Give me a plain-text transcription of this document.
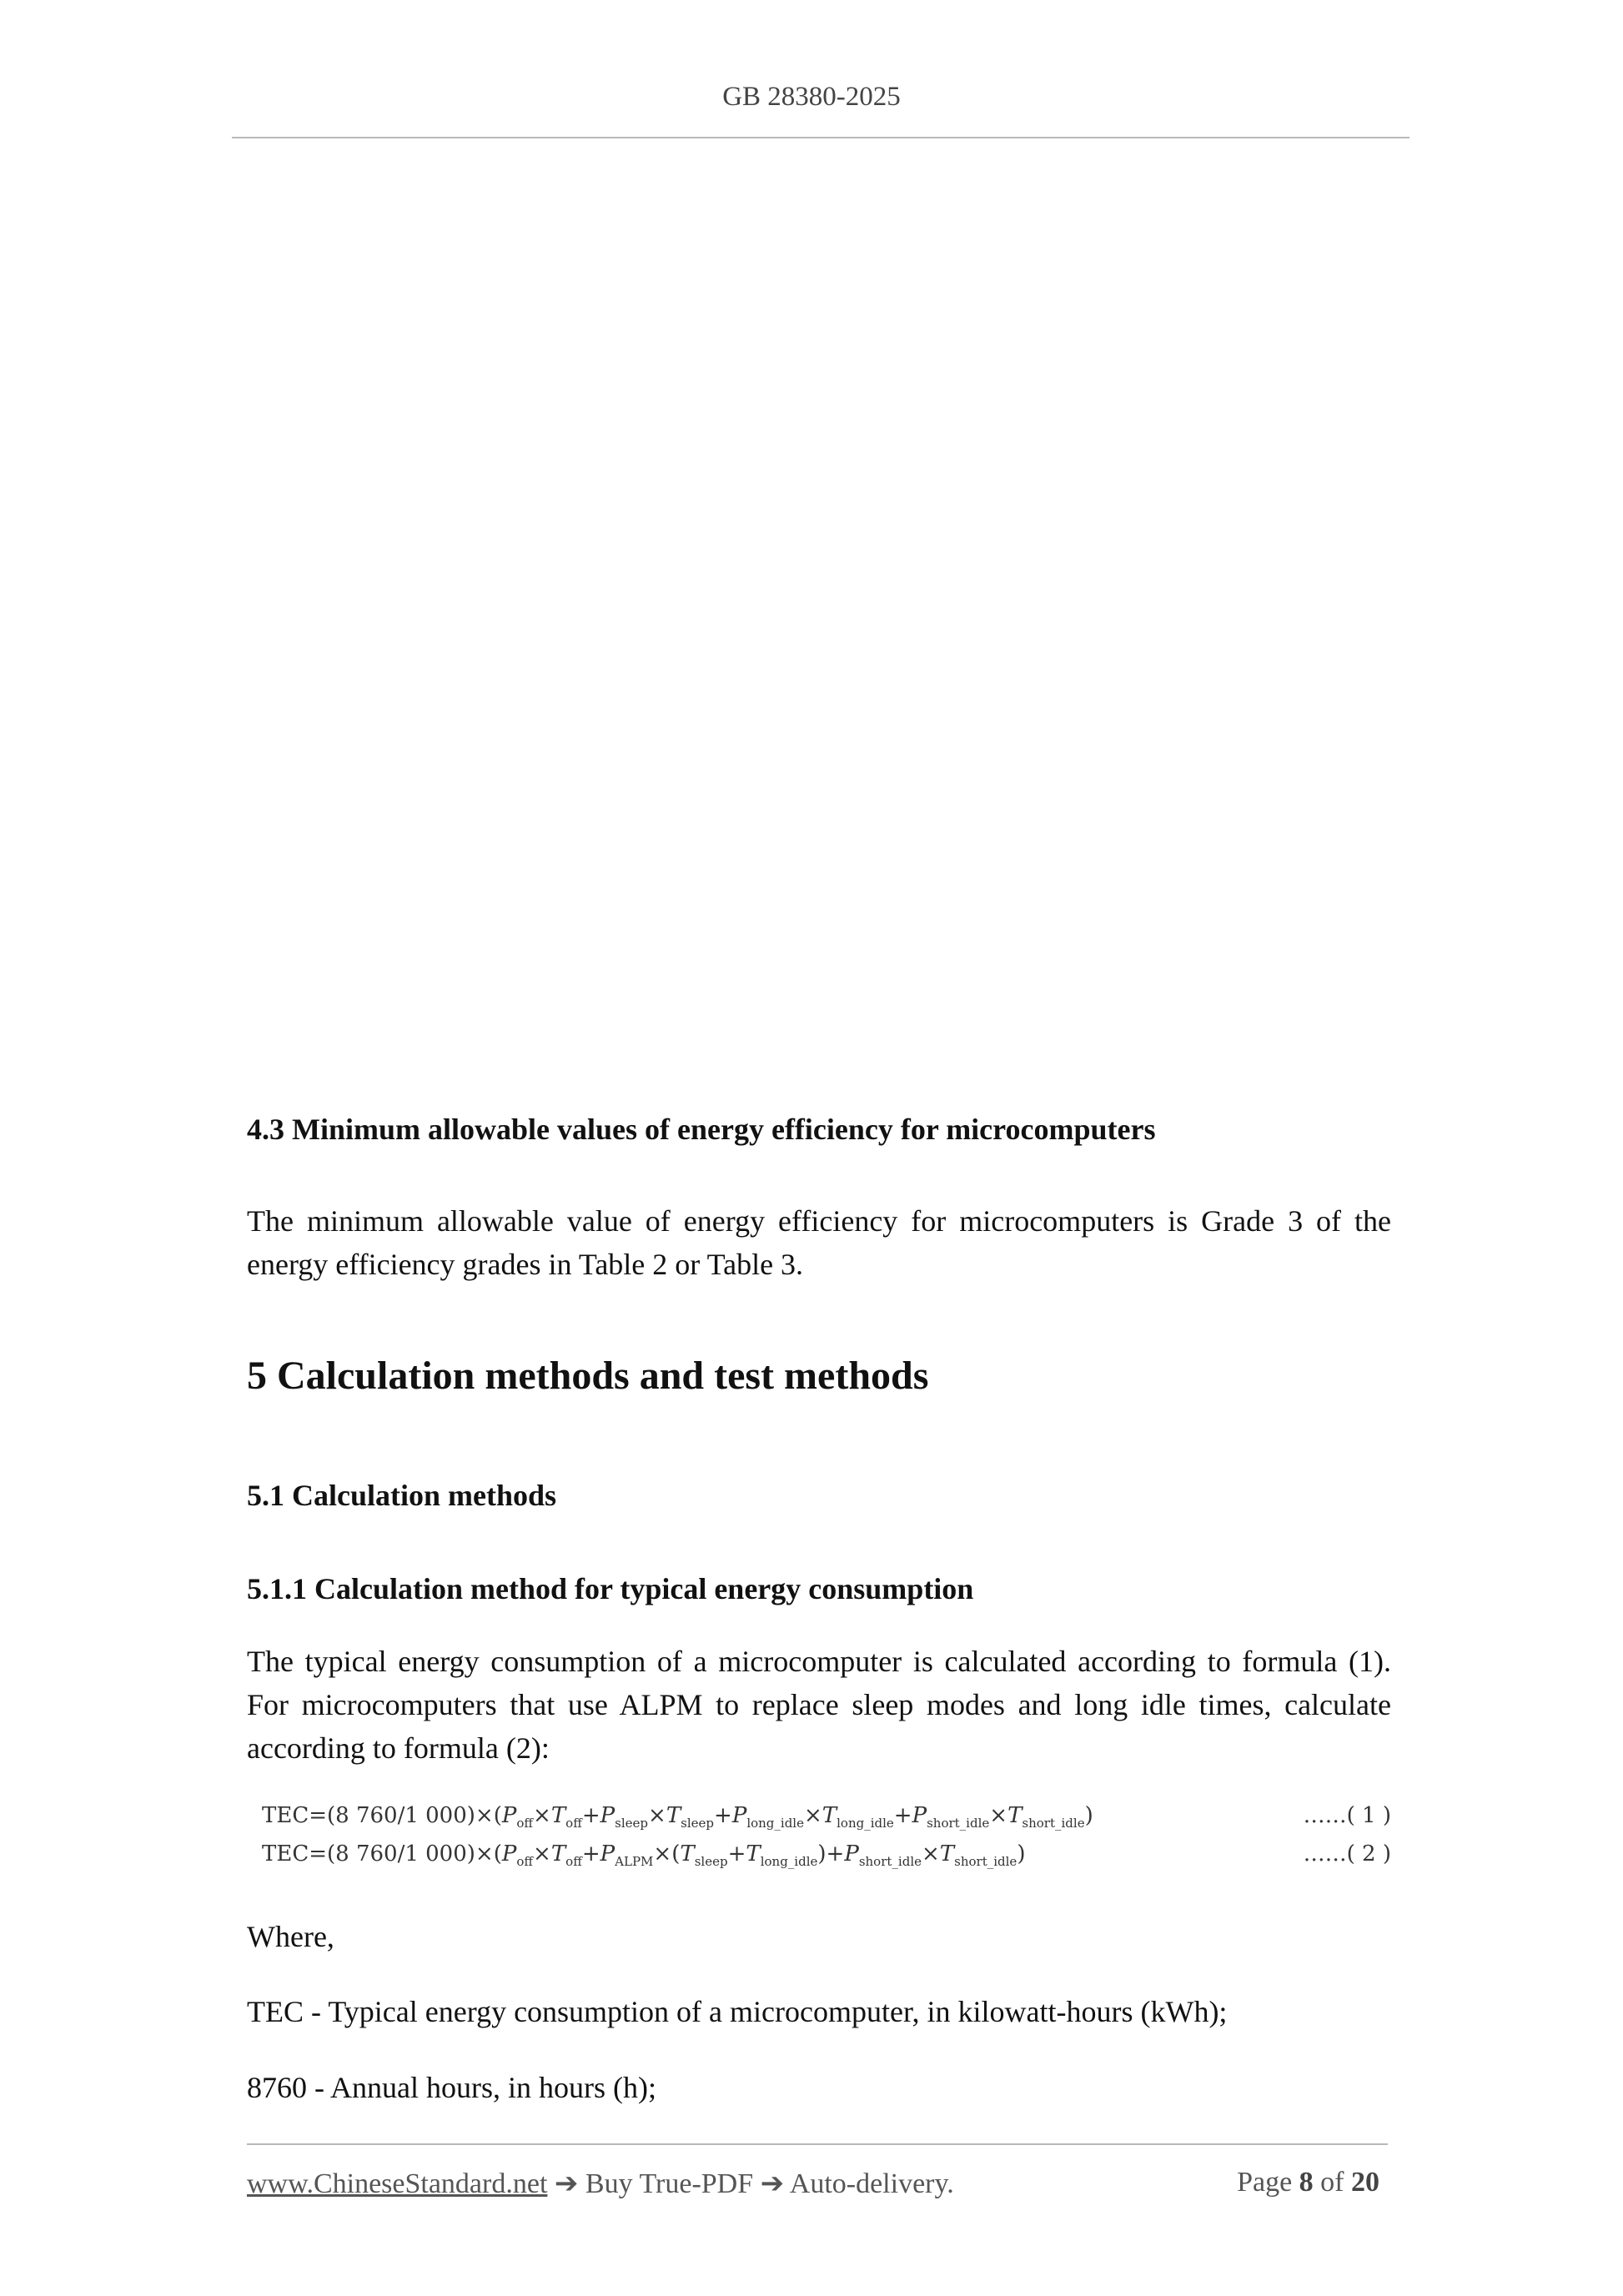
GB 28380-2025
4.3 Minimum allowable values of energy efficiency for microcomputers
The minimum allowable value of energy efficiency for microcomputers is Grade 3 of the energy efficiency grades in Table 2 or Table 3.
5 Calculation methods and test methods
5.1 Calculation methods
5.1.1 Calculation method for typical energy consumption
The typical energy consumption of a microcomputer is calculated according to formula (1). For microcomputers that use ALPM to replace sleep modes and long idle times, calculate according to formula (2):
TEC=(8 760/1 $000)\times(P_{off}\times T_{off}+P_{sleep}\times T_{sleep}+P_{long\_idle}\times T_{long\_idle}+P_{short\_idle}\times T_{short\_idle})$	……( 1 )
TEC=(8 760/1 $000)\times(P_{off}\times T_{off}+P_{ALPM}\times(T_{sleep}+T_{long\_idle})+P_{short\_idle}\times T_{short\_idle})$	……( 2 )
Where,
TEC - Typical energy consumption of a microcomputer, in kilowatt-hours (kWh);
8760 - Annual hours, in hours (h);
www.ChineseStandard.net ➔ Buy True-PDF ➔ Auto-delivery.	Page 8 of 20
